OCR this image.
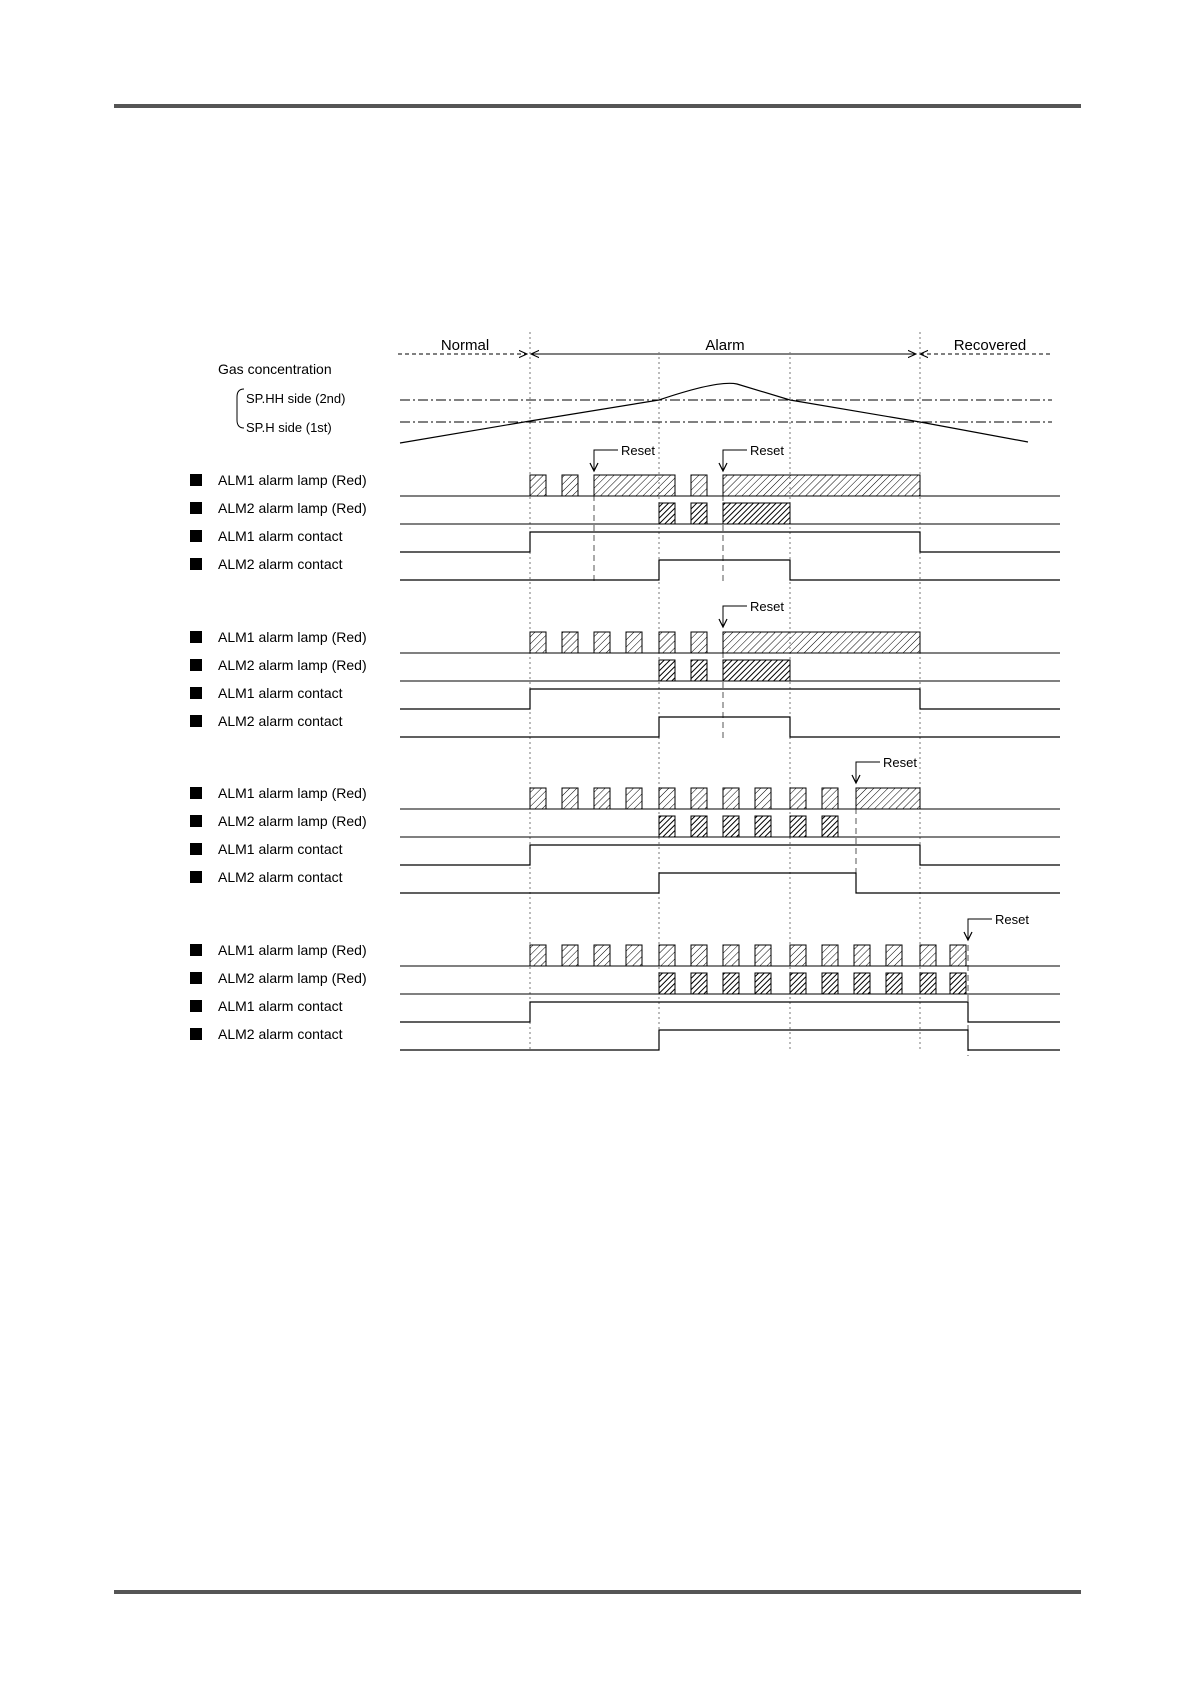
Normal	Alarm	Recovered
Gas concentration
SP.HH side (2nd)
SP.H side (1st)
ALM1 alarm lamp (Red)
ALM2 alarm lamp (Red)
ALM1 alarm contact
ALM2 alarm contact
Reset	Reset
ALM1 alarm lamp (Red)
ALM2 alarm lamp (Red)
ALM1 alarm contact
ALM2 alarm contact
Reset
ALM1 alarm lamp (Red)
ALM2 alarm lamp (Red)
ALM1 alarm contact
ALM2 alarm contact
Reset
ALM1 alarm lamp (Red)
ALM2 alarm lamp (Red)
ALM1 alarm contact
ALM2 alarm contact
Reset
